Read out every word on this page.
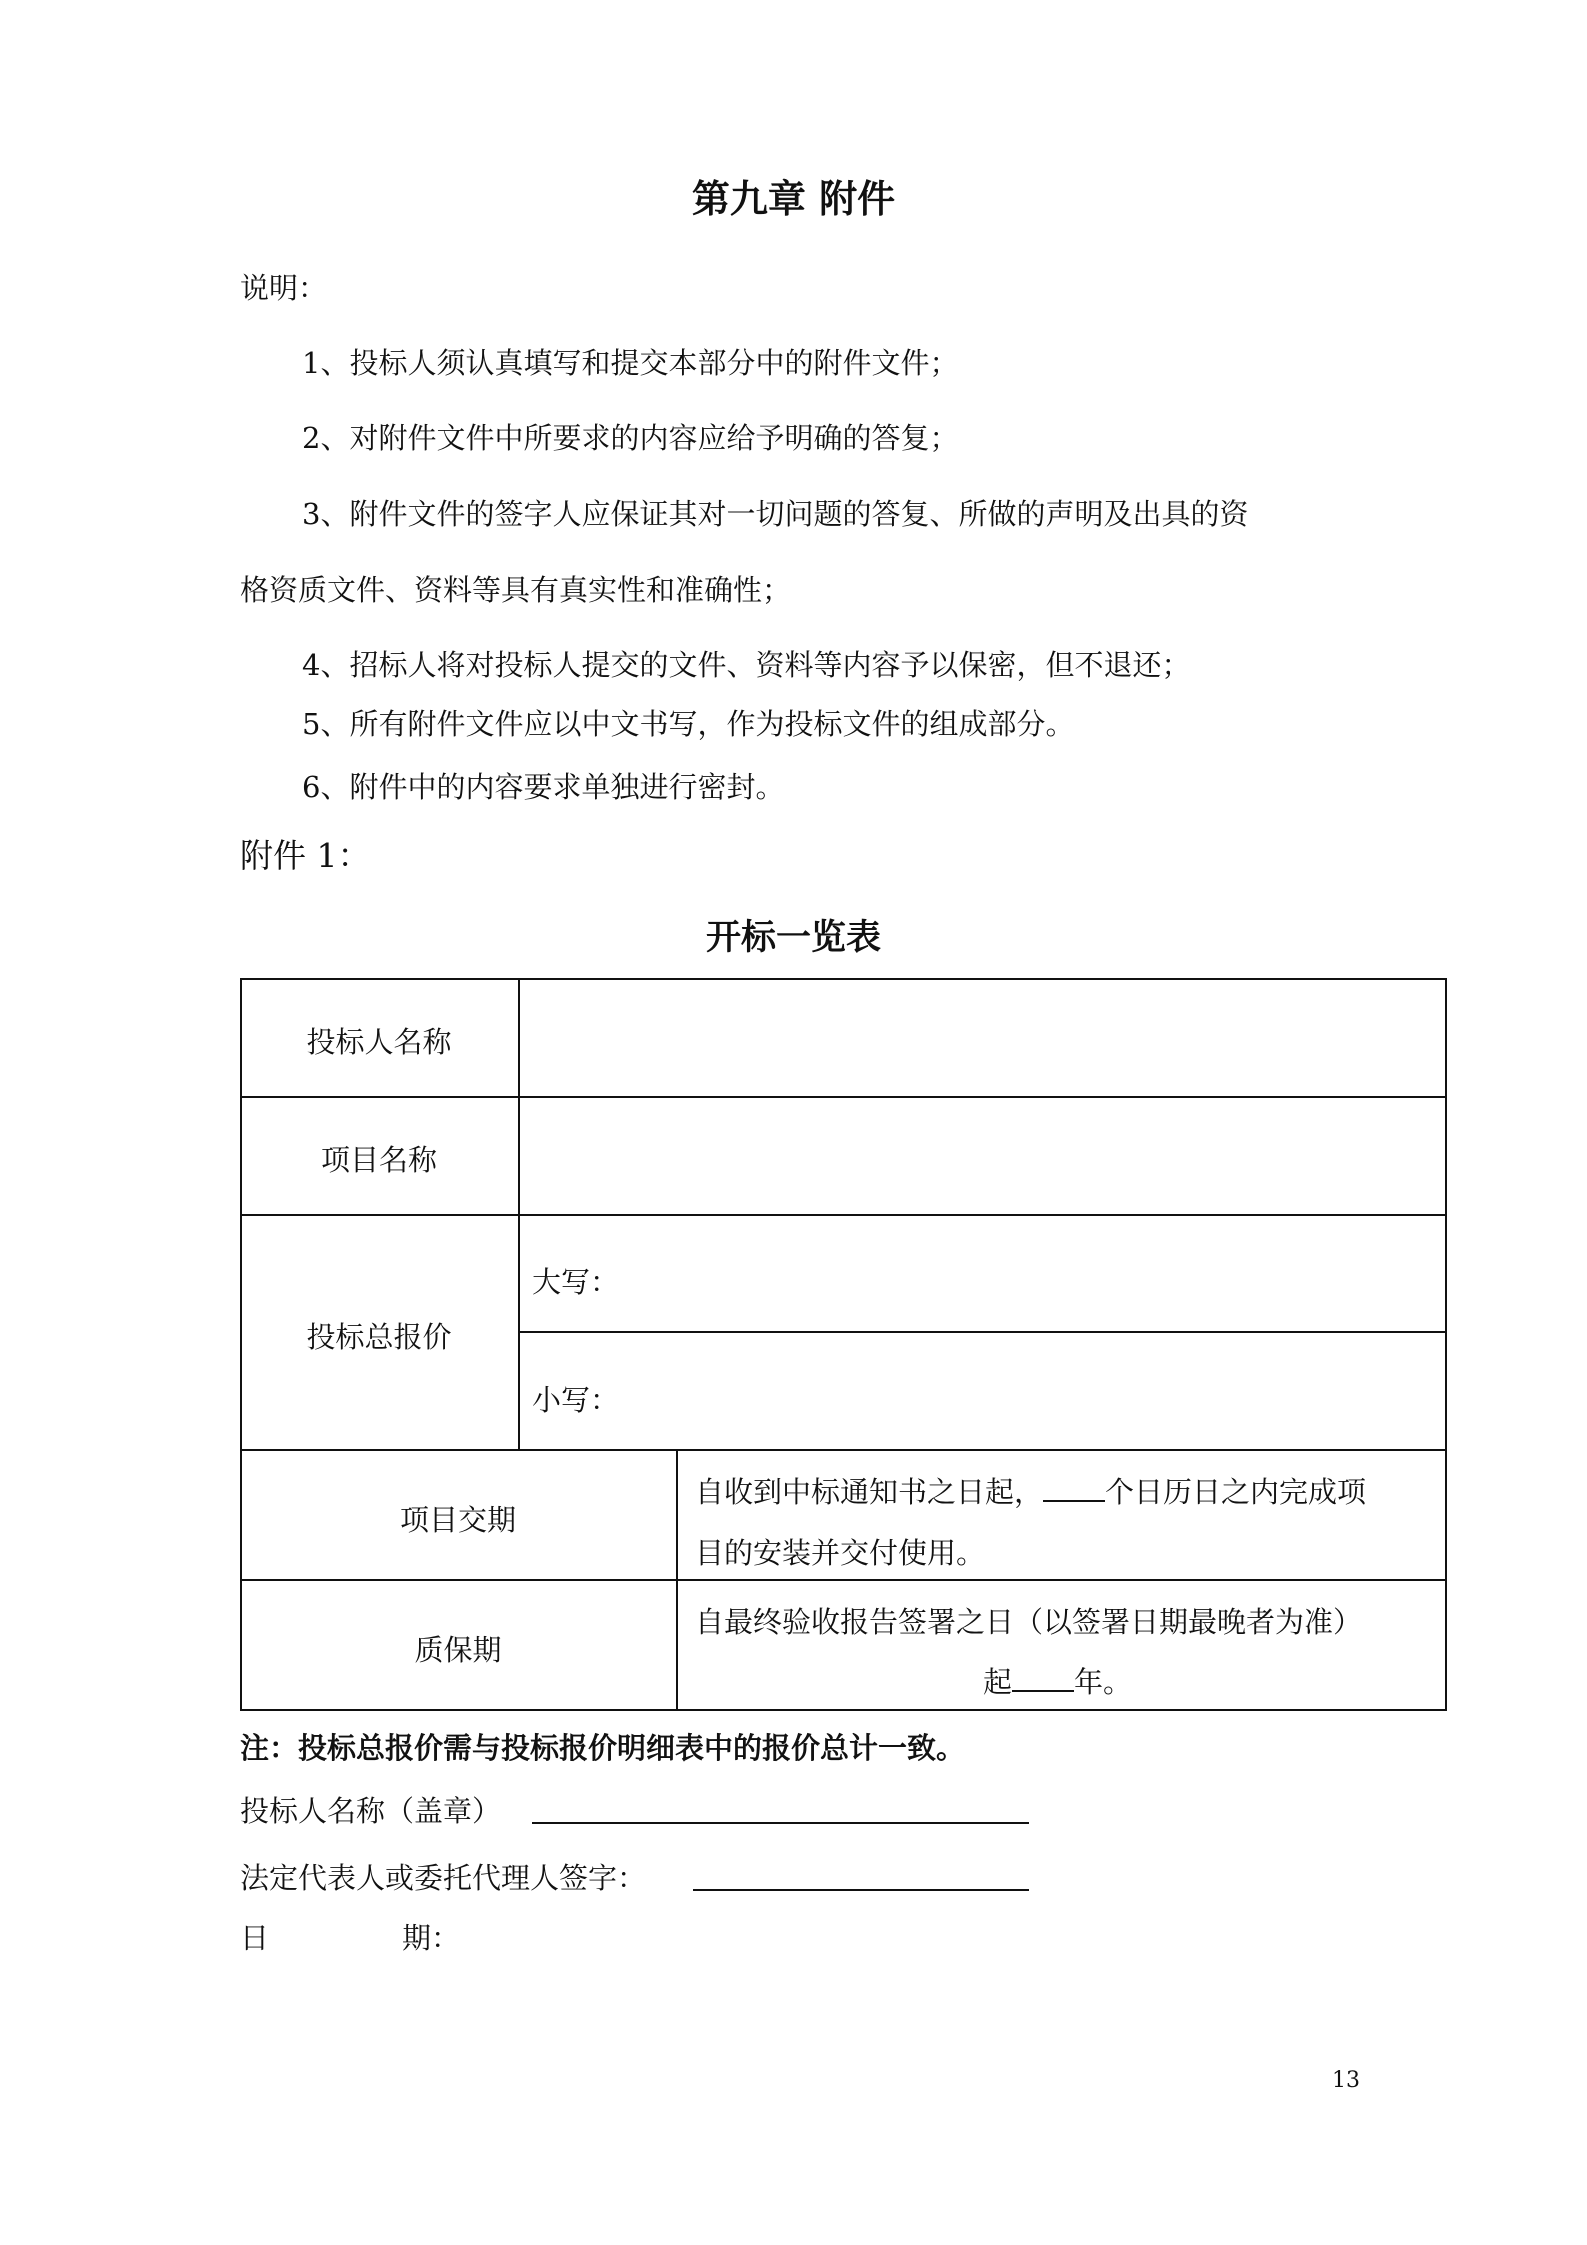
第九章 附件
说明：
1、投标人须认真填写和提交本部分中的附件文件；
2、对附件文件中所要求的内容应给予明确的答复；
3、附件文件的签字人应保证其对一切问题的答复、所做的声明及出具的资
格资质文件、资料等具有真实性和准确性；
4、招标人将对投标人提交的文件、资料等内容予以保密，但不退还；
5、所有附件文件应以中文书写，作为投标文件的组成部分。
6、附件中的内容要求单独进行密封。
附件 1：
开标一览表
投标人名称
项目名称
投标总报价
大写：
小写：
项目交期
自收到中标通知书之日起， 个日历日之内完成项
目的安装并交付使用。
质保期
自最终验收报告签署之日（以签署日期最晚者为准）
起 年。
注：投标总报价需与投标报价明细表中的报价总计一致。
投标人名称（盖章）
法定代表人或委托代理人签字：
日	期：
13
